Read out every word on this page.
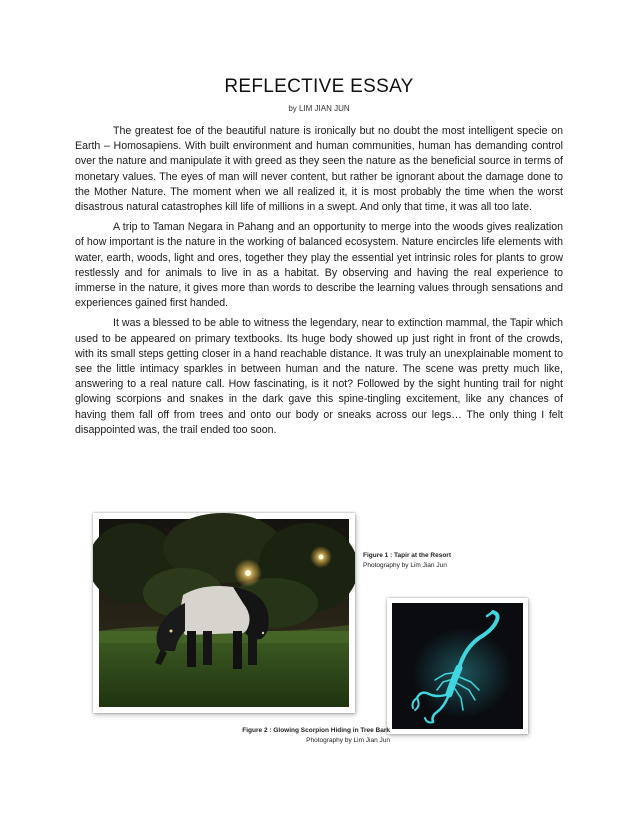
REFLECTIVE ESSAY
by LIM JIAN JUN

The greatest foe of the beautiful nature is ironically but no doubt the most intelligent specie on Earth – Homosapiens. With built environment and human communities, human has demanding control over the nature and manipulate it with greed as they seen the nature as the beneficial source in terms of monetary values. The eyes of man will never content, but rather be ignorant about the damage done to the Mother Nature. The moment when we all realized it, it is most probably the time when the worst disastrous natural catastrophes kill life of millions in a swept. And only that time, it was all too late.

A trip to Taman Negara in Pahang and an opportunity to merge into the woods gives realization of how important is the nature in the working of balanced ecosystem. Nature encircles life elements with water, earth, woods, light and ores, together they play the essential yet intrinsic roles for plants to grow restlessly and for animals to live in as a habitat. By observing and having the real experience to immerse in the nature, it gives more than words to describe the learning values through sensations and experiences gained first handed.

It was a blessed to be able to witness the legendary, near to extinction mammal, the Tapir which used to be appeared on primary textbooks. Its huge body showed up just right in front of the crowds, with its small steps getting closer in a hand reachable distance. It was truly an unexplainable moment to see the little intimacy sparkles in between human and the nature. The scene was pretty much like, answering to a real nature call. How fascinating, is it not? Followed by the sight hunting trail for night glowing scorpions and snakes in the dark gave this spine-tingling excitement, like any chances of having them fall off from trees and onto our body or sneaks across our legs… The only thing I felt disappointed was, the trail ended too soon.

Figure 1 : Tapir at the Resort
Photography by Lim Jian Jun
Figure 2 : Glowing Scorpion Hiding in Tree Bark
Photography by Lim Jian Jun
